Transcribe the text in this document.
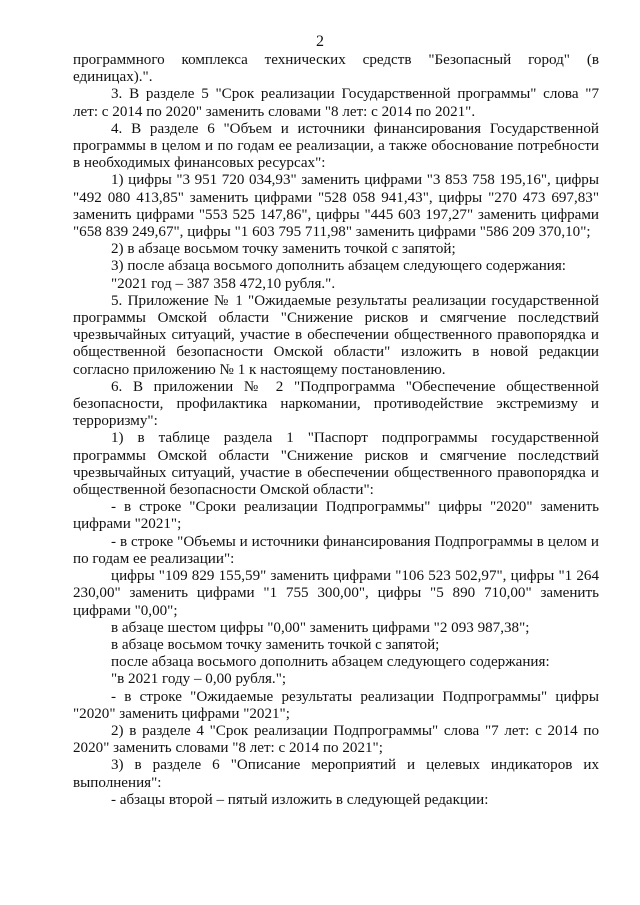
2

программного комплекса технических средств "Безопасный город" (в единицах).".

3. В разделе 5 "Срок реализации Государственной программы" слова "7 лет: с 2014 по 2020" заменить словами "8 лет: с 2014 по 2021".

4. В разделе 6 "Объем и источники финансирования Государственной программы в целом и по годам ее реализации, а также обоснование потребности в необходимых финансовых ресурсах":

1) цифры "3 951 720 034,93" заменить цифрами "3 853 758 195,16", цифры "492 080 413,85" заменить цифрами "528 058 941,43", цифры "270 473 697,83" заменить цифрами "553 525 147,86", цифры "445 603 197,27" заменить цифрами "658 839 249,67", цифры "1 603 795 711,98" заменить цифрами "586 209 370,10";

2) в абзаце восьмом точку заменить точкой с запятой;

3) после абзаца восьмого дополнить абзацем следующего содержания:

"2021 год – 387 358 472,10 рубля.".

5. Приложение № 1 "Ожидаемые результаты реализации государственной программы Омской области "Снижение рисков и смягчение последствий чрезвычайных ситуаций, участие в обеспечении общественного правопорядка и общественной безопасности Омской области" изложить в новой редакции согласно приложению № 1 к настоящему постановлению.

6. В приложении № 2 "Подпрограмма "Обеспечение общественной безопасности, профилактика наркомании, противодействие экстремизму и терроризму":

1) в таблице раздела 1 "Паспорт подпрограммы государственной программы Омской области "Снижение рисков и смягчение последствий чрезвычайных ситуаций, участие в обеспечении общественного правопорядка и общественной безопасности Омской области":

- в строке "Сроки реализации Подпрограммы" цифры "2020" заменить цифрами "2021";

- в строке "Объемы и источники финансирования Подпрограммы в целом и по годам ее реализации":

цифры "109 829 155,59" заменить цифрами "106 523 502,97", цифры "1 264 230,00" заменить цифрами "1 755 300,00", цифры "5 890 710,00" заменить цифрами "0,00";

в абзаце шестом цифры "0,00" заменить цифрами "2 093 987,38";

в абзаце восьмом точку заменить точкой с запятой;

после абзаца восьмого дополнить абзацем следующего содержания:

"в 2021 году – 0,00 рубля.";

- в строке "Ожидаемые результаты реализации Подпрограммы" цифры "2020" заменить цифрами "2021";

2) в разделе 4 "Срок реализации Подпрограммы" слова "7 лет: с 2014 по 2020" заменить словами "8 лет: с 2014 по 2021";

3) в разделе 6 "Описание мероприятий и целевых индикаторов их выполнения":

- абзацы второй – пятый изложить в следующей редакции:
